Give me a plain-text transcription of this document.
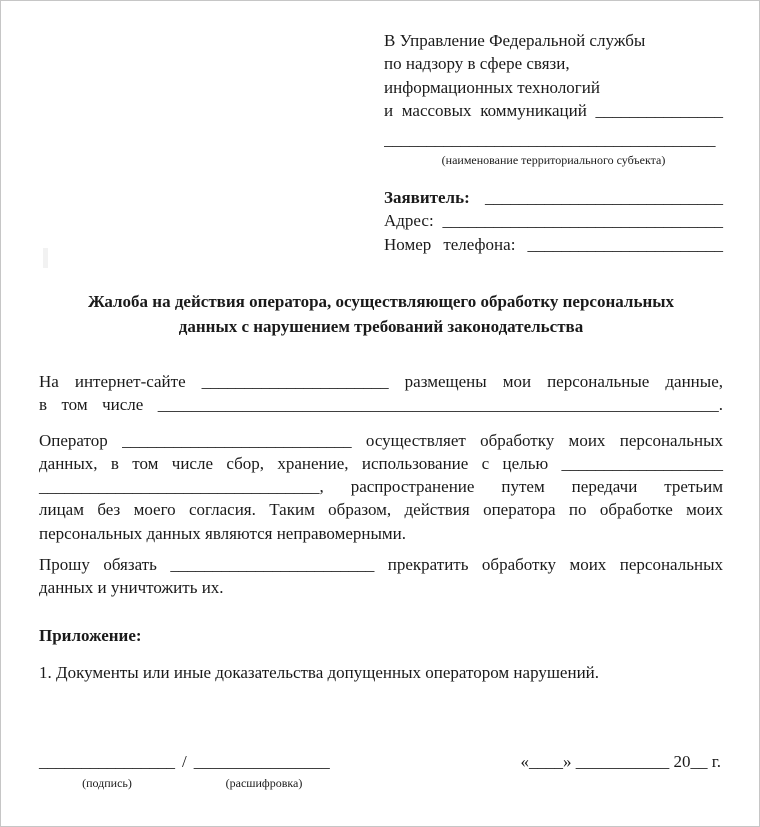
В Управление Федеральной службы
по надзору в сфере связи,
информационных технологий
и массовых коммуникаций _______________
_______________________________________
(наименование территориального субъекта)
Заявитель: ____________________________
Адрес: _________________________________
Номер телефона: _______________________
Жалоба на действия оператора, осуществляющего обработку персональных
данных с нарушением требований законодательства
На интернет-сайте ______________________ размещены мои персональные данные,
в том числе __________________________________________________________________.
Оператор ___________________________ осуществляет обработку моих персональных
данных, в том числе сбор, хранение, использование с целью ___________________
_________________________________, распространение путем передачи третьим
лицам без моего согласия. Таким образом, действия оператора по обработке моих
персональных данных являются неправомерными.
Прошу обязать ________________________ прекратить обработку моих персональных
данных и уничтожить их.
Приложение:
1. Документы или иные доказательства допущенных оператором нарушений.
________________ / ________________
(подпись)	(расшифровка)
«____» ___________ 20__ г.
